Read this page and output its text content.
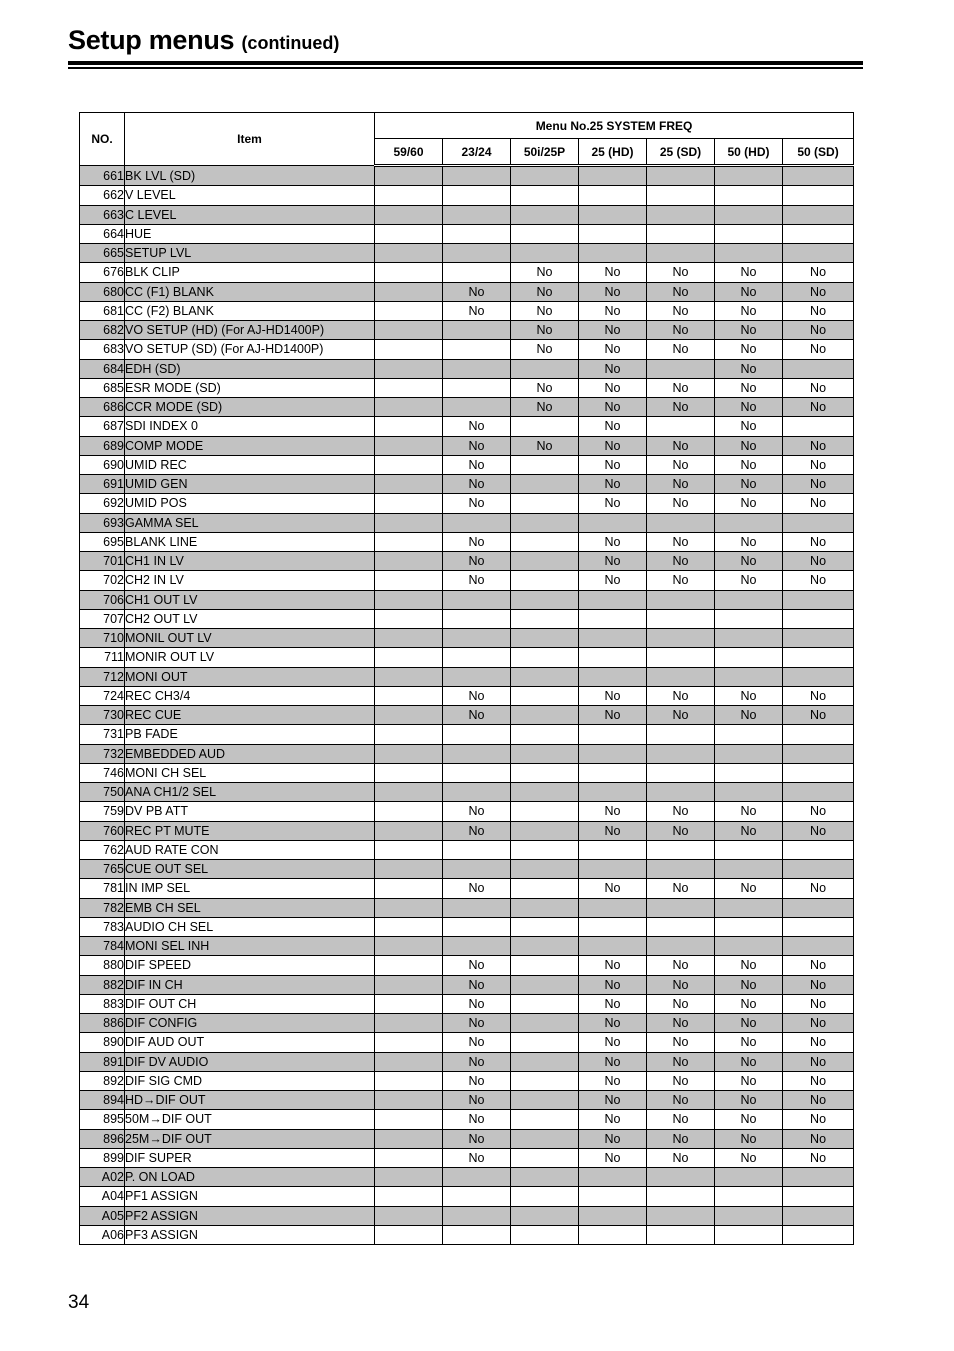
Setup menus (continued)
NO.	Item	Menu No.25 SYSTEM FREQ						
		59/60	23/24	50i/25P	25 (HD)	25 (SD)	50 (HD)	50 (SD)
661	BK LVL (SD)							
662	V LEVEL							
663	C LEVEL							
664	HUE							
665	SETUP LVL							
676	BLK CLIP			No	No	No	No	No
680	CC (F1) BLANK		No	No	No	No	No	No
681	CC (F2) BLANK		No	No	No	No	No	No
682	VO SETUP (HD) (For AJ-HD1400P)			No	No	No	No	No
683	VO SETUP (SD) (For AJ-HD1400P)			No	No	No	No	No
684	EDH (SD)				No		No	
685	ESR MODE (SD)			No	No	No	No	No
686	CCR MODE (SD)			No	No	No	No	No
687	SDI INDEX 0		No		No		No	
689	COMP MODE		No	No	No	No	No	No
690	UMID REC		No		No	No	No	No
691	UMID GEN		No		No	No	No	No
692	UMID POS		No		No	No	No	No
693	GAMMA SEL							
695	BLANK LINE		No		No	No	No	No
701	CH1 IN LV		No		No	No	No	No
702	CH2 IN LV		No		No	No	No	No
706	CH1 OUT LV							
707	CH2 OUT LV							
710	MONIL OUT LV							
711	MONIR OUT LV							
712	MONI OUT							
724	REC CH3/4		No		No	No	No	No
730	REC CUE		No		No	No	No	No
731	PB FADE							
732	EMBEDDED AUD							
746	MONI CH SEL							
750	ANA CH1/2 SEL							
759	DV PB ATT		No		No	No	No	No
760	REC PT MUTE		No		No	No	No	No
762	AUD RATE CON							
765	CUE OUT SEL							
781	IN IMP SEL		No		No	No	No	No
782	EMB CH SEL							
783	AUDIO CH SEL							
784	MONI SEL INH							
880	DIF SPEED		No		No	No	No	No
882	DIF IN CH		No		No	No	No	No
883	DIF OUT CH		No		No	No	No	No
886	DIF CONFIG		No		No	No	No	No
890	DIF AUD OUT		No		No	No	No	No
891	DIF DV AUDIO		No		No	No	No	No
892	DIF SIG CMD		No		No	No	No	No
894	HD→DIF OUT		No		No	No	No	No
895	50M→DIF OUT		No		No	No	No	No
896	25M→DIF OUT		No		No	No	No	No
899	DIF SUPER		No		No	No	No	No
A02	P. ON LOAD							
A04	PF1 ASSIGN							
A05	PF2 ASSIGN							
A06	PF3 ASSIGN							
34
